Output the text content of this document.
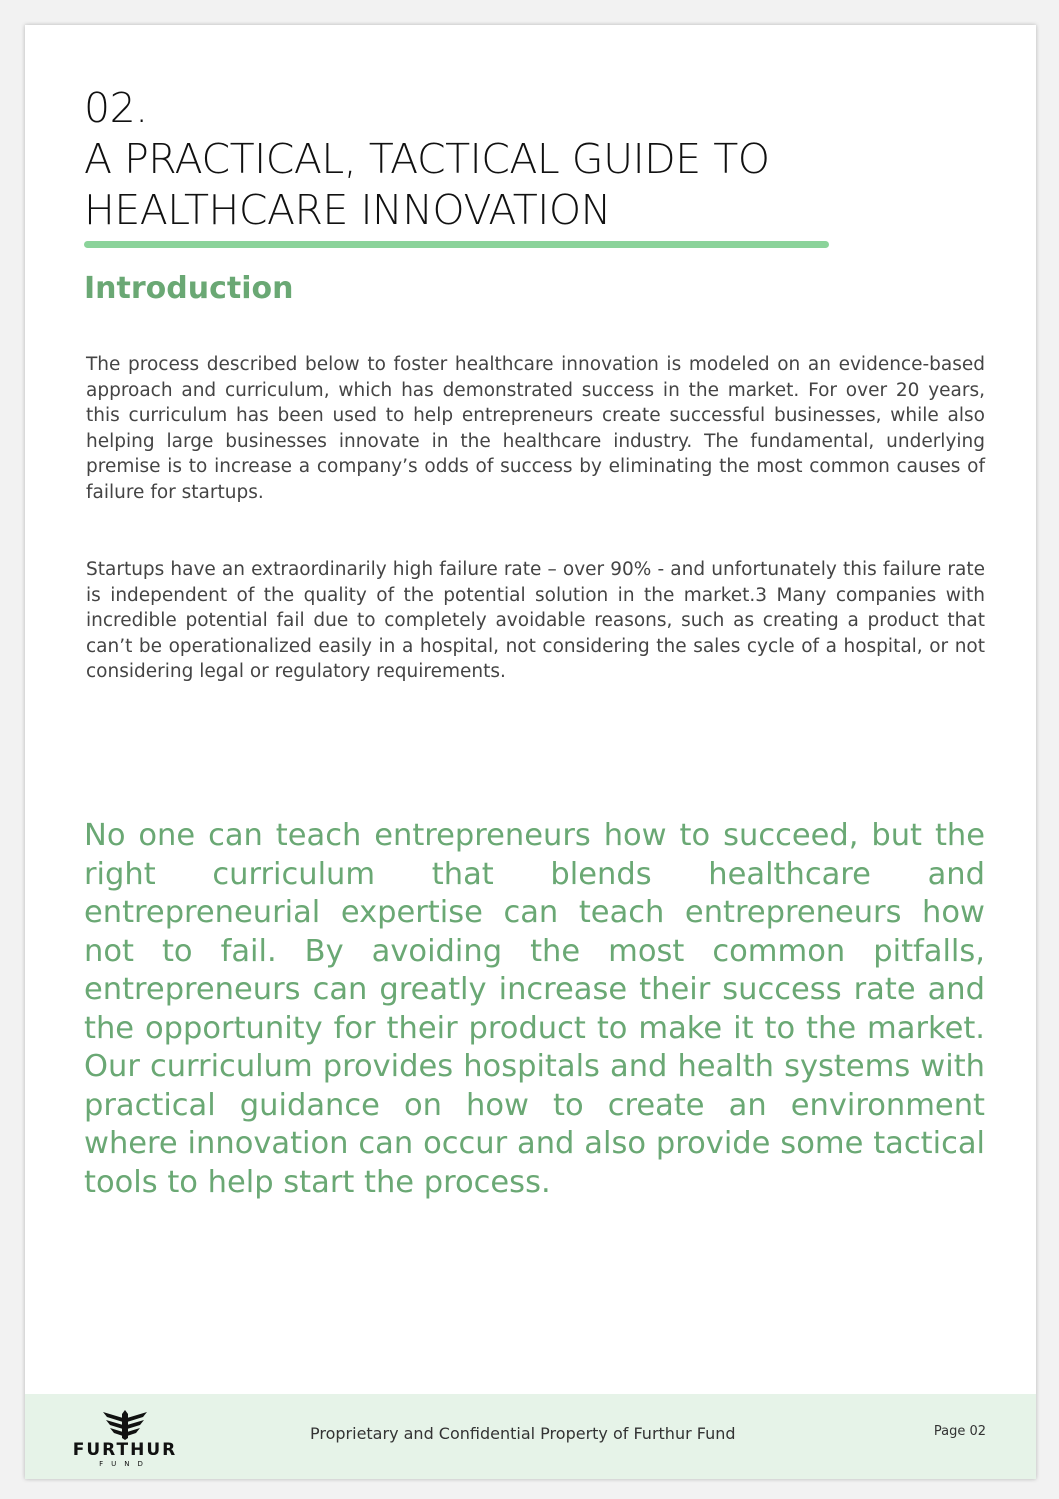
02.
A PRACTICAL, TACTICAL GUIDE TO
HEALTHCARE INNOVATION
Introduction

The process described below to foster healthcare innovation is modeled on an evidence-based approach and curriculum, which has demonstrated success in the market. For over 20 years, this curriculum has been used to help entrepreneurs create successful businesses, while also helping large businesses innovate in the healthcare industry. The fundamental, underlying premise is to increase a company’s odds of success by eliminating the most common causes of failure for startups.

Startups have an extraordinarily high failure rate – over 90% - and unfortunately this failure rate is independent of the quality of the potential solution in the market.3 Many companies with incredible potential fail due to completely avoidable reasons, such as creating a product that can’t be operationalized easily in a hospital, not considering the sales cycle of a hospital, or not considering legal or regulatory requirements.

No one can teach entrepreneurs how to succeed, but the right curriculum that blends healthcare and entrepreneurial expertise can teach entrepreneurs how not to fail. By avoiding the most common pitfalls, entrepreneurs can greatly increase their success rate and the opportunity for their product to make it to the market. Our curriculum provides hospitals and health systems with practical guidance on how to create an environment where innovation can occur and also provide some tactical tools to help start the process.

FURTHUR
FUND

Proprietary and Confidential Property of Furthur Fund	Page 02
